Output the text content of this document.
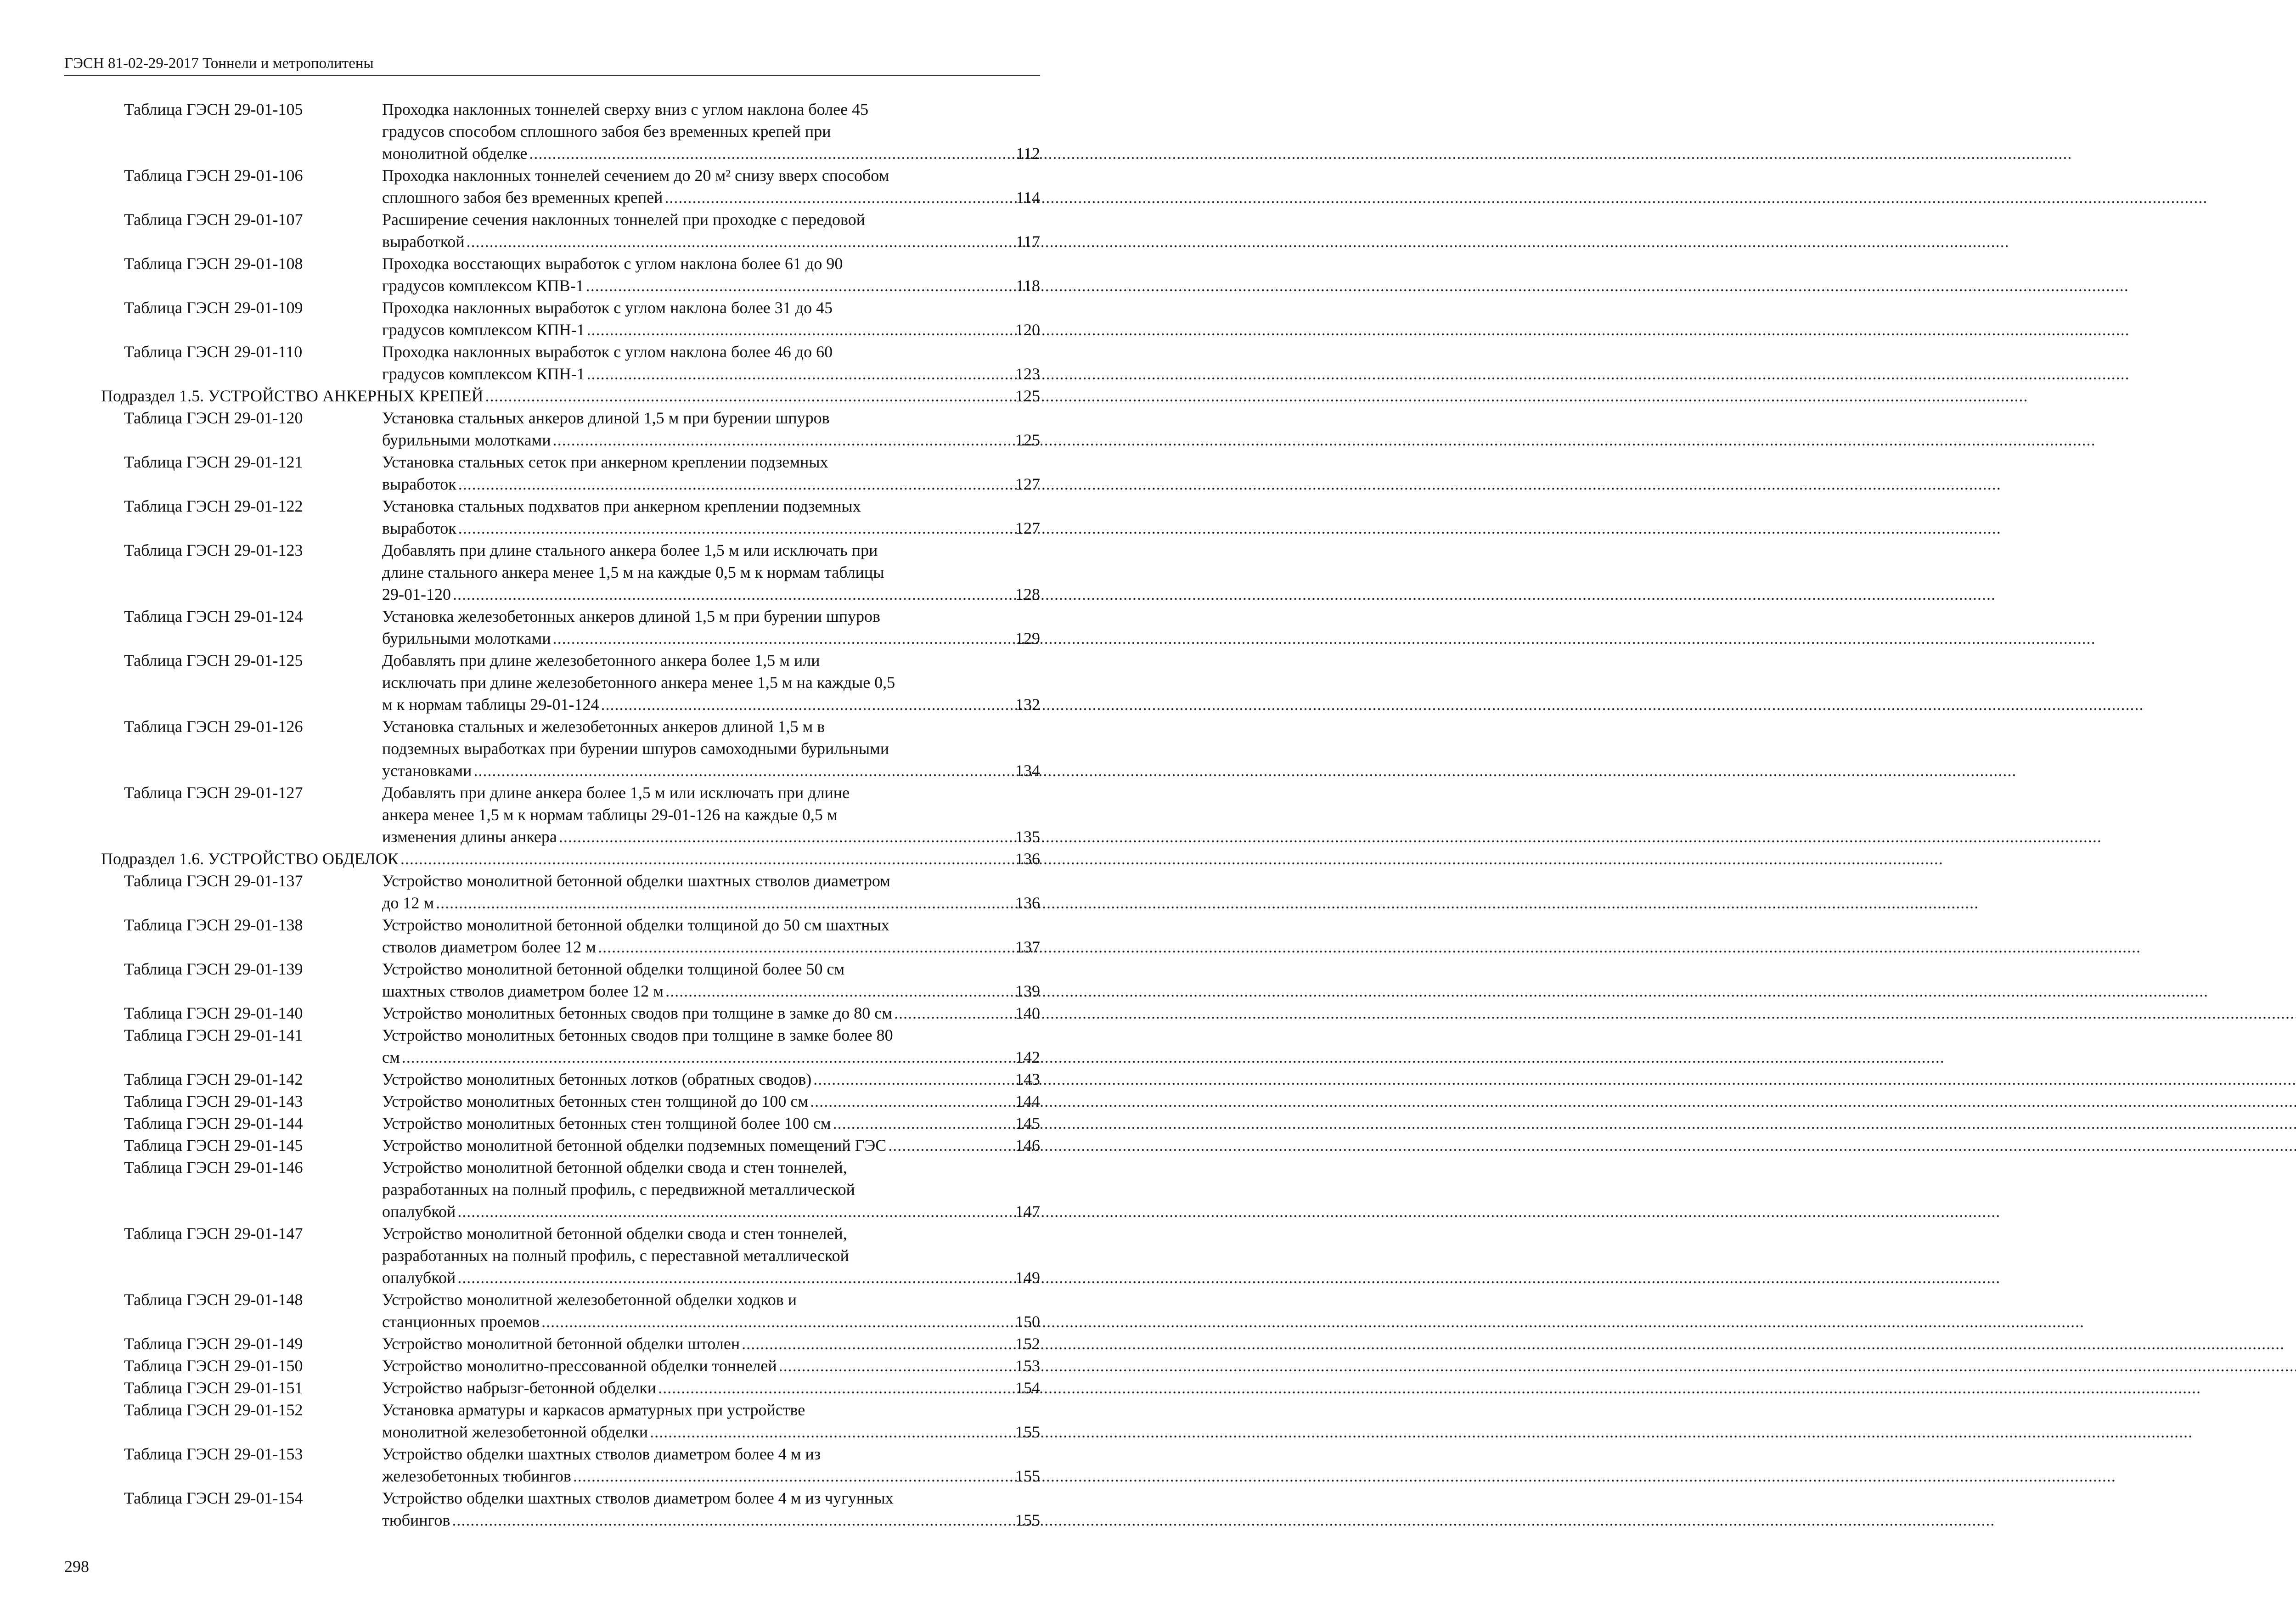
ГЭСН 81-02-29-2017 Тоннели и метрополитены
Таблица ГЭСН 29-01-105	Проходка наклонных тоннелей сверху вниз с углом наклона более 45
градусов способом сплошного забоя без временных крепей при
монолитной обделке .....	112
Таблица ГЭСН 29-01-106	Проходка наклонных тоннелей сечением до 20 м² снизу вверх способом
сплошного забоя без временных крепей .....	114
Таблица ГЭСН 29-01-107	Расширение сечения наклонных тоннелей при проходке с передовой
выработкой .....	117
Таблица ГЭСН 29-01-108	Проходка восстающих выработок с углом наклона более 61 до 90
градусов комплексом КПВ-1 .....	118
Таблица ГЭСН 29-01-109	Проходка наклонных выработок с углом наклона более 31 до 45
градусов комплексом КПН-1 .....	120
Таблица ГЭСН 29-01-110	Проходка наклонных выработок с углом наклона более 46 до 60
градусов комплексом КПН-1 .....	123
Подраздел 1.5. УСТРОЙСТВО АНКЕРНЫХ КРЕПЕЙ .....	125
Таблица ГЭСН 29-01-120	Установка стальных анкеров длиной 1,5 м при бурении шпуров
бурильными молотками .....	125
Таблица ГЭСН 29-01-121	Установка стальных сеток при анкерном креплении подземных
выработок .....	127
Таблица ГЭСН 29-01-122	Установка стальных подхватов при анкерном креплении подземных
выработок .....	127
Таблица ГЭСН 29-01-123	Добавлять при длине стального анкера более 1,5 м или исключать при
длине стального анкера менее 1,5 м на каждые 0,5 м к нормам таблицы
29-01-120 .....	128
Таблица ГЭСН 29-01-124	Установка железобетонных анкеров длиной 1,5 м при бурении шпуров
бурильными молотками .....	129
Таблица ГЭСН 29-01-125	Добавлять при длине железобетонного анкера более 1,5 м или
исключать при длине железобетонного анкера менее 1,5 м на каждые 0,5
м к нормам таблицы 29-01-124 .....	132
Таблица ГЭСН 29-01-126	Установка стальных и железобетонных анкеров длиной 1,5 м в
подземных выработках при бурении шпуров самоходными бурильными
установками .....	134
Таблица ГЭСН 29-01-127	Добавлять при длине анкера более 1,5 м или исключать при длине
анкера менее 1,5 м к нормам таблицы 29-01-126 на каждые 0,5 м
изменения длины анкера .....	135
Подраздел 1.6. УСТРОЙСТВО ОБДЕЛОК .....	136
Таблица ГЭСН 29-01-137	Устройство монолитной бетонной обделки шахтных стволов диаметром
до 12 м .....	136
Таблица ГЭСН 29-01-138	Устройство монолитной бетонной обделки толщиной до 50 см шахтных
стволов диаметром более 12 м .....	137
Таблица ГЭСН 29-01-139	Устройство монолитной бетонной обделки толщиной более 50 см
шахтных стволов диаметром более 12 м .....	139
Таблица ГЭСН 29-01-140	Устройство монолитных бетонных сводов при толщине в замке до 80 см .....	140
Таблица ГЭСН 29-01-141	Устройство монолитных бетонных сводов при толщине в замке более 80
см .....	142
Таблица ГЭСН 29-01-142	Устройство монолитных бетонных лотков (обратных сводов) .....	143
Таблица ГЭСН 29-01-143	Устройство монолитных бетонных стен толщиной до 100 см .....	144
Таблица ГЭСН 29-01-144	Устройство монолитных бетонных стен толщиной более 100 см .....	145
Таблица ГЭСН 29-01-145	Устройство монолитной бетонной обделки подземных помещений ГЭС .....	146
Таблица ГЭСН 29-01-146	Устройство монолитной бетонной обделки свода и стен тоннелей,
разработанных на полный профиль, с передвижной металлической
опалубкой .....	147
Таблица ГЭСН 29-01-147	Устройство монолитной бетонной обделки свода и стен тоннелей,
разработанных на полный профиль, с переставной металлической
опалубкой .....	149
Таблица ГЭСН 29-01-148	Устройство монолитной железобетонной обделки ходков и
станционных проемов .....	150
Таблица ГЭСН 29-01-149	Устройство монолитной бетонной обделки штолен .....	152
Таблица ГЭСН 29-01-150	Устройство монолитно-прессованной обделки тоннелей .....	153
Таблица ГЭСН 29-01-151	Устройство набрызг-бетонной обделки .....	154
Таблица ГЭСН 29-01-152	Установка арматуры и каркасов арматурных при устройстве
монолитной железобетонной обделки .....	155
Таблица ГЭСН 29-01-153	Устройство обделки шахтных стволов диаметром более 4 м из
железобетонных тюбингов .....	155
Таблица ГЭСН 29-01-154	Устройство обделки шахтных стволов диаметром более 4 м из чугунных
тюбингов .....	155
298
